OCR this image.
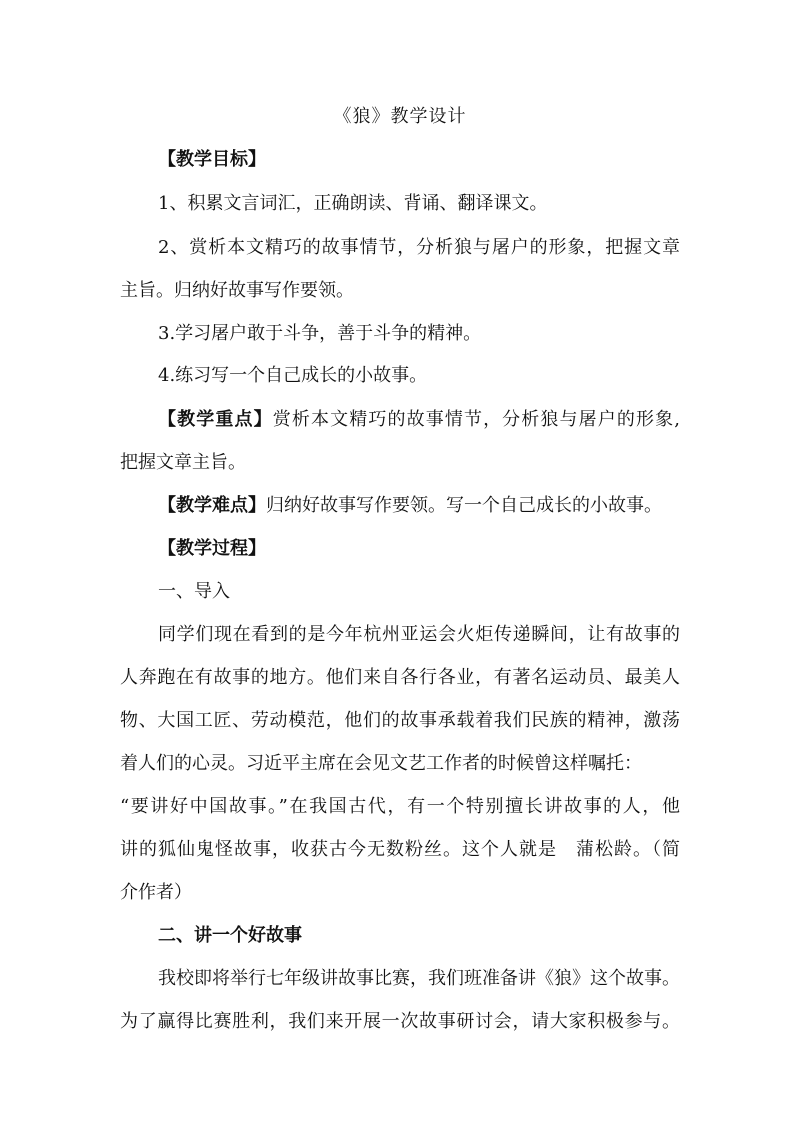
《狼》教学设计
【教学目标】
1、积累文言词汇，正确朗读、背诵、翻译课文。
2、赏析本文精巧的故事情节，分析狼与屠户的形象，把握文章
主旨。归纳好故事写作要领。
3.学习屠户敢于斗争，善于斗争的精神。
4.练习写一个自己成长的小故事。
【教学重点】赏析本文精巧的故事情节，分析狼与屠户的形象,
把握文章主旨。
【教学难点】归纳好故事写作要领。写一个自己成长的小故事。
【教学过程】
一、导入
同学们现在看到的是今年杭州亚运会火炬传递瞬间，让有故事的
人奔跑在有故事的地方。他们来自各行各业，有著名运动员、最美人
物、大国工匠、劳动模范，他们的故事承载着我们民族的精神，激荡
着人们的心灵。习近平主席在会见文艺工作者的时候曾这样嘱托：
“要讲好中国故事。”在我国古代，有一个特别擅长讲故事的人，他
讲的狐仙鬼怪故事，收获古今无数粉丝。这个人就是　蒲松龄。（简
介作者）
二、讲一个好故事
我校即将举行七年级讲故事比赛，我们班准备讲《狼》这个故事。
为了赢得比赛胜利，我们来开展一次故事研讨会，请大家积极参与。
